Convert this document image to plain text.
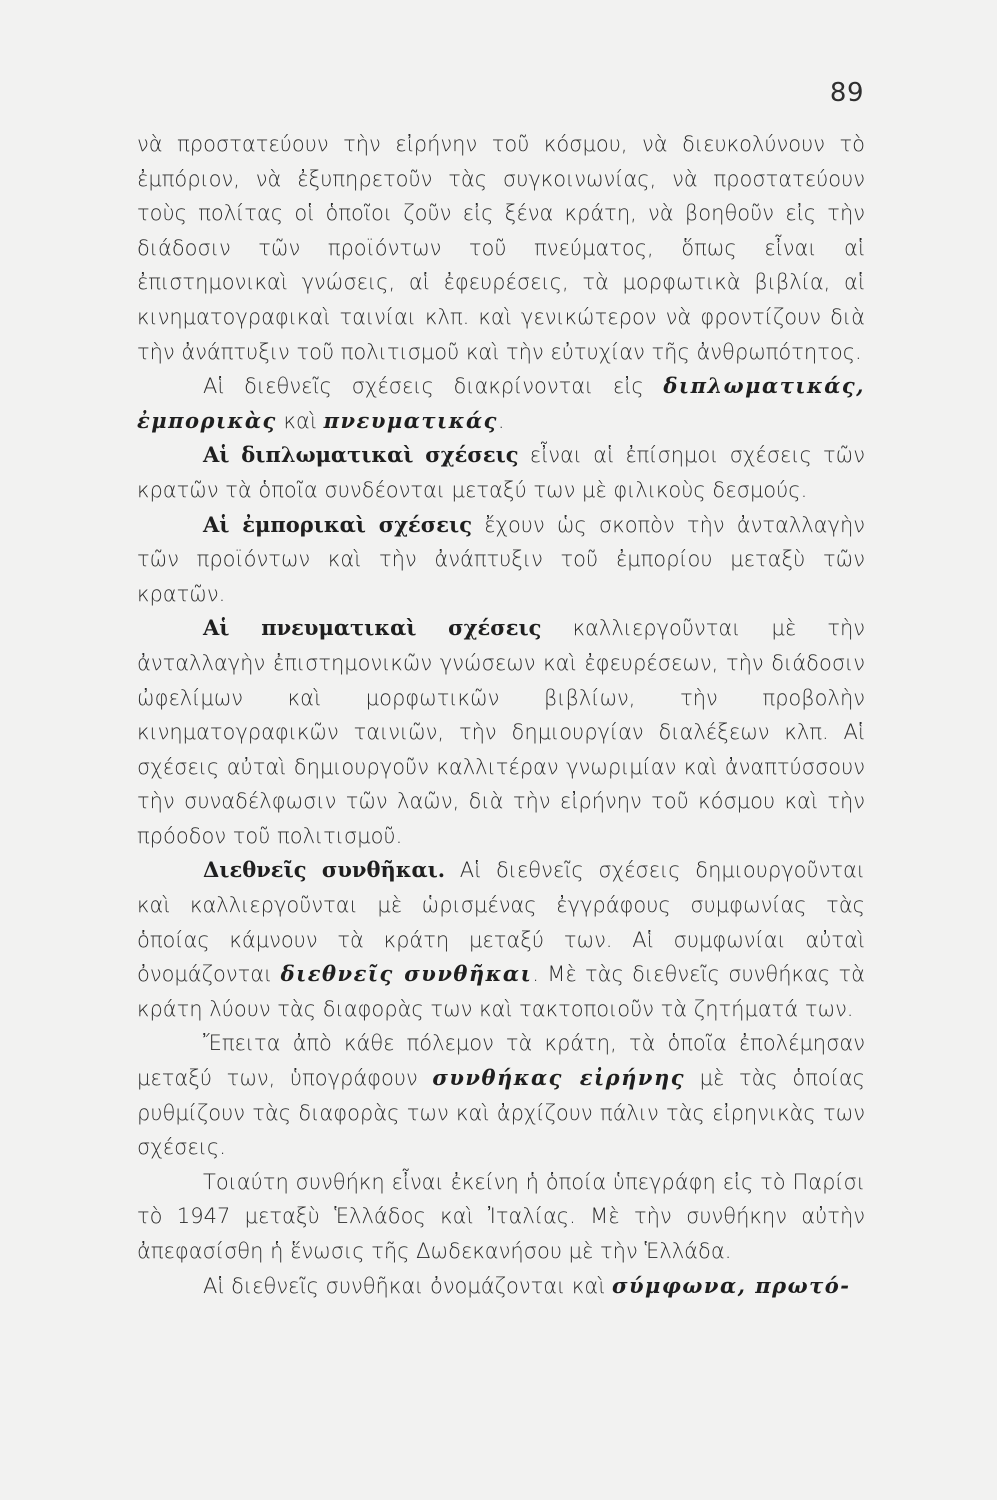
89

νὰ προστατεύουν τὴν εἰρήνην τοῦ κόσμου, νὰ διευκολύνουν τὸ ἐμπόριον, νὰ ἐξυπηρετοῦν τὰς συγκοινωνίας, νὰ προστατεύουν τοὺς πολίτας οἱ ὁποῖοι ζοῦν εἰς ξένα κράτη, νὰ βοηθοῦν εἰς τὴν διάδοσιν τῶν προϊόντων τοῦ πνεύματος, ὅπως εἶναι αἱ ἐπιστημονικαὶ γνώσεις, αἱ ἐφευρέσεις, τὰ μορφωτικὰ βιβλία, αἱ κινηματογραφικαὶ ταινίαι κλπ. καὶ γενικώτερον νὰ φροντίζουν διὰ τὴν ἀνάπτυξιν τοῦ πολιτισμοῦ καὶ τὴν εὐτυχίαν τῆς ἀνθρωπότητος.

Αἱ διεθνεῖς σχέσεις διακρίνονται εἰς διπλωματικάς, ἐμπορικὰς καὶ πνευματικάς.

Αἱ διπλωματικαὶ σχέσεις εἶναι αἱ ἐπίσημοι σχέσεις τῶν κρατῶν τὰ ὁποῖα συνδέονται μεταξύ των μὲ φιλικοὺς δεσμούς.

Αἱ ἐμπορικαὶ σχέσεις ἔχουν ὡς σκοπὸν τὴν ἀνταλλαγὴν τῶν προϊόντων καὶ τὴν ἀνάπτυξιν τοῦ ἐμπορίου μεταξὺ τῶν κρατῶν.

Αἱ πνευματικαὶ σχέσεις καλλιεργοῦνται μὲ τὴν ἀνταλλαγὴν ἐπιστημονικῶν γνώσεων καὶ ἐφευρέσεων, τὴν διάδοσιν ὠφελίμων καὶ μορφωτικῶν βιβλίων, τὴν προβολὴν κινηματογραφικῶν ταινιῶν, τὴν δημιουργίαν διαλέξεων κλπ. Αἱ σχέσεις αὐταὶ δημιουργοῦν καλλιτέραν γνωριμίαν καὶ ἀναπτύσσουν τὴν συναδέλφωσιν τῶν λαῶν, διὰ τὴν εἰρήνην τοῦ κόσμου καὶ τὴν πρόοδον τοῦ πολιτισμοῦ.

Διεθνεῖς συνθῆκαι. Αἱ διεθνεῖς σχέσεις δημιουργοῦνται καὶ καλλιεργοῦνται μὲ ὡρισμένας ἐγγράφους συμφωνίας τὰς ὁποίας κάμνουν τὰ κράτη μεταξύ των. Αἱ συμφωνίαι αὐταὶ ὀνομάζονται διεθνεῖς συνθῆκαι. Μὲ τὰς διεθνεῖς συνθήκας τὰ κράτη λύουν τὰς διαφορὰς των καὶ τακτοποιοῦν τὰ ζητήματά των.

Ἔπειτα ἀπὸ κάθε πόλεμον τὰ κράτη, τὰ ὁποῖα ἐπολέμησαν μεταξύ των, ὑπογράφουν συνθήκας εἰρήνης μὲ τὰς ὁποίας ρυθμίζουν τὰς διαφορὰς των καὶ ἀρχίζουν πάλιν τὰς εἰρηνικὰς των σχέσεις.

Τοιαύτη συνθήκη εἶναι ἐκείνη ἡ ὁποία ὑπεγράφη εἰς τὸ Παρίσι τὸ 1947 μεταξὺ Ἑλλάδος καὶ Ἰταλίας. Μὲ τὴν συνθήκην αὐτὴν ἀπεφασίσθη ἡ ἕνωσις τῆς Δωδεκανήσου μὲ τὴν Ἑλλάδα.

Αἱ διεθνεῖς συνθῆκαι ὀνομάζονται καὶ σύμφωνα, πρωτό-
